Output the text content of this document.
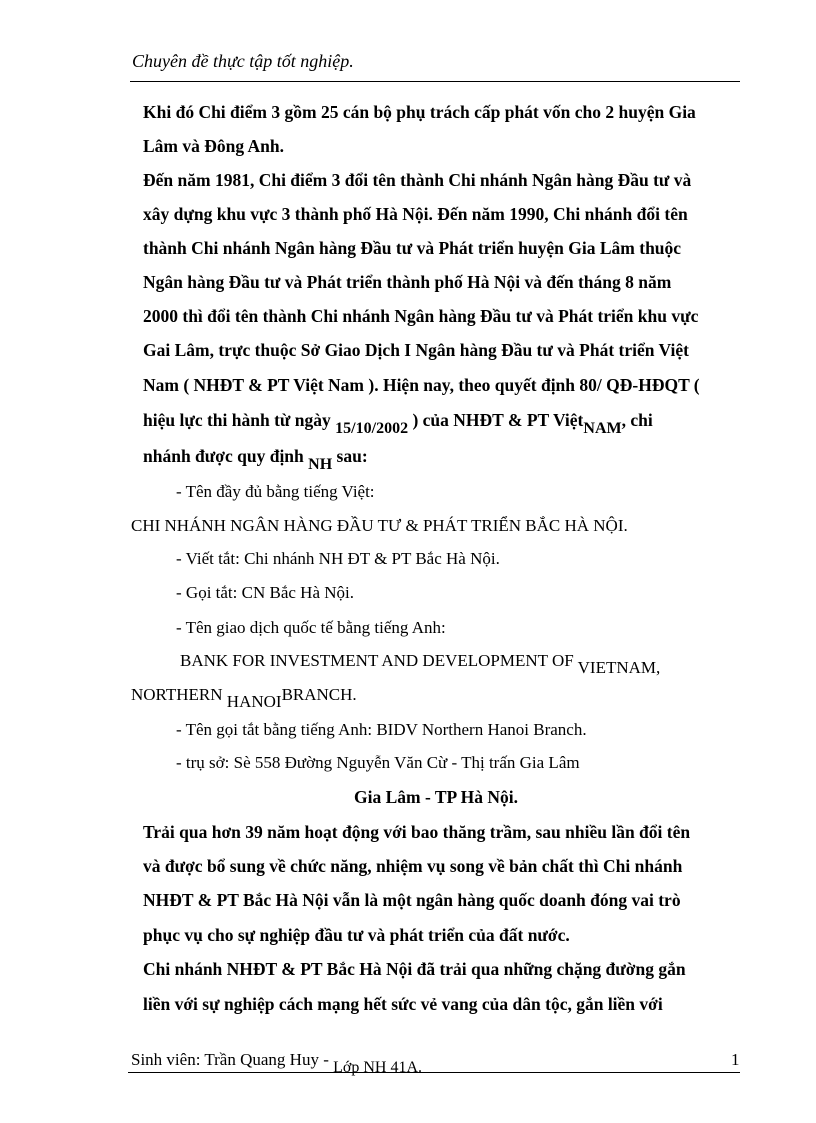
Chuyên đề thực tập tốt nghiệp.
Khi đó Chi điểm 3 gồm 25 cán bộ phụ trách cấp phát vốn cho 2 huyện Gia
Lâm và Đông Anh.
Đến năm 1981, Chi điểm 3 đổi tên thành Chi nhánh Ngân hàng Đầu tư và
xây dựng khu vực 3 thành phố Hà Nội. Đến năm 1990, Chi nhánh đổi tên
thành Chi nhánh Ngân hàng Đầu tư và Phát triển huyện Gia Lâm thuộc
Ngân hàng Đầu tư và Phát triển thành phố Hà Nội và đến tháng 8 năm
2000 thì đổi tên thành Chi nhánh Ngân hàng Đầu tư và Phát triển khu vực
Gai Lâm, trực thuộc Sở Giao Dịch I Ngân hàng Đầu tư và Phát triển Việt
Nam ( NHĐT & PT Việt Nam ). Hiện nay, theo quyết định 80/ QĐ-HĐQT (
hiệu lực thi hành từ ngày 15/10/2002 ) của NHĐT & PT ViệtNAM, chi
nhánh được quy định NH sau:
- Tên đầy đủ bằng tiếng Việt:
CHI NHÁNH NGÂN HÀNG ĐẦU TƯ & PHÁT TRIỂN BẮC HÀ NỘI.
- Viết tắt: Chi nhánh NH ĐT & PT Bắc Hà Nội.
- Gọi tắt: CN Bắc Hà Nội.
- Tên giao dịch quốc tế bằng tiếng Anh:
BANK FOR INVESTMENT AND DEVELOPMENT OF VIETNAM,
NORTHERN HANOIBRANCH.
- Tên gọi tắt bằng tiếng Anh: BIDV Northern Hanoi Branch.
- trụ sở: Sè 558 Đường Nguyễn Văn Cừ - Thị trấn Gia Lâm
Gia Lâm - TP Hà Nội.
Trải qua hơn 39 năm hoạt động với bao thăng trầm, sau nhiều lần đổi tên
và được bổ sung về chức năng, nhiệm vụ song về bản chất thì Chi nhánh
NHĐT & PT Bắc Hà Nội vẫn là một ngân hàng quốc doanh đóng vai trò
phục vụ cho sự nghiệp đầu tư và phát triển của đất nước.
Chi nhánh NHĐT & PT Bắc Hà Nội đã trải qua những chặng đường gắn
liền với sự nghiệp cách mạng hết sức vẻ vang của dân tộc, gắn liền với
Sinh viên: Trần Quang Huy - Lớp NH 41A.	1
